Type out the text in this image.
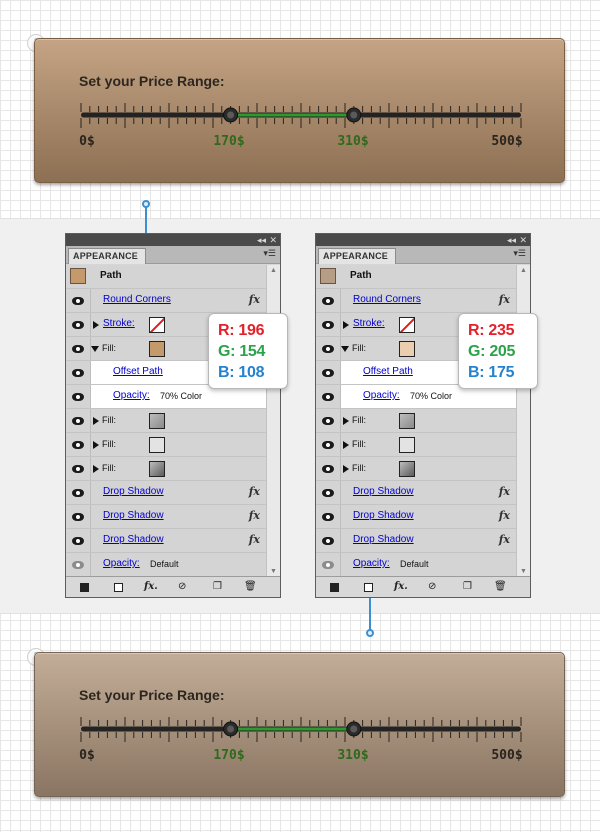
Set your Price Range:
0$	170$	310$	500$
Set your Price Range:
0$	170$	310$	500$
◂◂ ✕
APPEARANCE	▾☰
Path
Round Corners	fx
Stroke:
Fill:
Offset Path
Opacity: 70% Color
Fill:
Fill:
Fill:
Drop Shadow	fx
Drop Shadow	fx
Drop Shadow	fx
Opacity: Default
▲
▼
fx. ⊘	❐ 🗑
◂◂ ✕
APPEARANCE	▾☰
Path
Round Corners	fx
Stroke:
Fill:
Offset Path
Opacity: 70% Color
Fill:
Fill:
Fill:
Drop Shadow	fx
Drop Shadow	fx
Drop Shadow	fx
Opacity: Default
▲
▼
fx. ⊘	❐ 🗑
R: 196
G: 154
B: 108
R: 235
G: 205
B: 175
